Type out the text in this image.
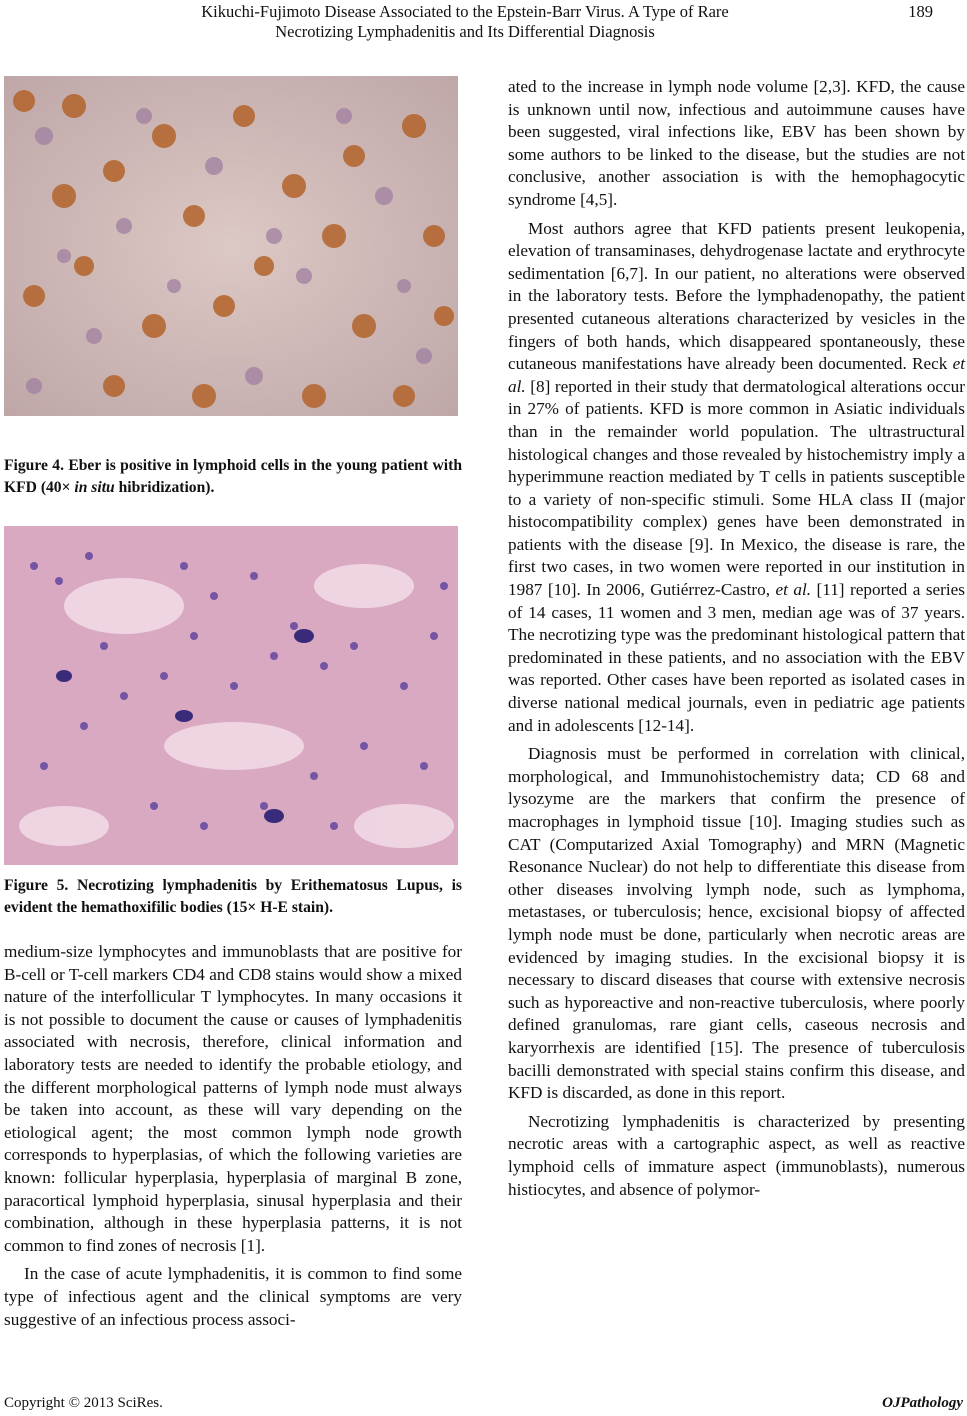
Kikuchi-Fujimoto Disease Associated to the Epstein-Barr Virus. A Type of Rare
Necrotizing Lymphadenitis and Its Differential Diagnosis
189

Figure 4. Eber is positive in lymphoid cells in the young patient with KFD (40× in situ hibridization).

Figure 5. Necrotizing lymphadenitis by Erithematosus Lupus, is evident the hemathoxifilic bodies (15× H-E stain).

medium-size lymphocytes and immunoblasts that are positive for B-cell or T-cell markers CD4 and CD8 stains would show a mixed nature of the interfollicular T lymphocytes. In many occasions it is not possible to document the cause or causes of lymphadenitis associated with necrosis, therefore, clinical information and laboratory tests are needed to identify the probable etiology, and the different morphological patterns of lymph node must always be taken into account, as these will vary depending on the etiological agent; the most common lymph node growth corresponds to hyperplasias, of which the following varieties are known: follicular hyperplasia, hyperplasia of marginal B zone, paracortical lymphoid hyperplasia, sinusal hyperplasia and their combination, although in these hyperplasia patterns, it is not common to find zones of necrosis [1].

In the case of acute lymphadenitis, it is common to find some type of infectious agent and the clinical symptoms are very suggestive of an infectious process associ-

ated to the increase in lymph node volume [2,3]. KFD, the cause is unknown until now, infectious and autoimmune causes have been suggested, viral infections like, EBV has been shown by some authors to be linked to the disease, but the studies are not conclusive, another association is with the hemophagocytic syndrome [4,5].

Most authors agree that KFD patients present leukopenia, elevation of transaminases, dehydrogenase lactate and erythrocyte sedimentation [6,7]. In our patient, no alterations were observed in the laboratory tests. Before the lymphadenopathy, the patient presented cutaneous alterations characterized by vesicles in the fingers of both hands, which disappeared spontaneously, these cutaneous manifestations have already been documented. Reck et al. [8] reported in their study that dermatological alterations occur in 27% of patients. KFD is more common in Asiatic individuals than in the remainder world population. The ultrastructural histological changes and those revealed by histochemistry imply a hyperimmune reaction mediated by T cells in patients susceptible to a variety of non-specific stimuli. Some HLA class II (major histocompatibility complex) genes have been demonstrated in patients with the disease [9]. In Mexico, the disease is rare, the first two cases, in two women were reported in our institution in 1987 [10]. In 2006, Gutiérrez-Castro, et al. [11] reported a series of 14 cases, 11 women and 3 men, median age was of 37 years. The necrotizing type was the predominant histological pattern that predominated in these patients, and no association with the EBV was reported. Other cases have been reported as isolated cases in diverse national medical journals, even in pediatric age patients and in adolescents [12-14].

Diagnosis must be performed in correlation with clinical, morphological, and Immunohistochemistry data; CD 68 and lysozyme are the markers that confirm the presence of macrophages in lymphoid tissue [10]. Imaging studies such as CAT (Computarized Axial Tomography) and MRN (Magnetic Resonance Nuclear) do not help to differentiate this disease from other diseases involving lymph node, such as lymphoma, metastases, or tuberculosis; hence, excisional biopsy of affected lymph node must be done, particularly when necrotic areas are evidenced by imaging studies. In the excisional biopsy it is necessary to discard diseases that course with extensive necrosis such as hyporeactive and non-reactive tuberculosis, where poorly defined granulomas, rare giant cells, caseous necrosis and karyorrhexis are identified [15]. The presence of tuberculosis bacilli demonstrated with special stains confirm this disease, and KFD is discarded, as done in this report.

Necrotizing lymphadenitis is characterized by presenting necrotic areas with a cartographic aspect, as well as reactive lymphoid cells of immature aspect (immunoblasts), numerous histiocytes, and absence of polymor-

Copyright © 2013 SciRes.	OJPathology
